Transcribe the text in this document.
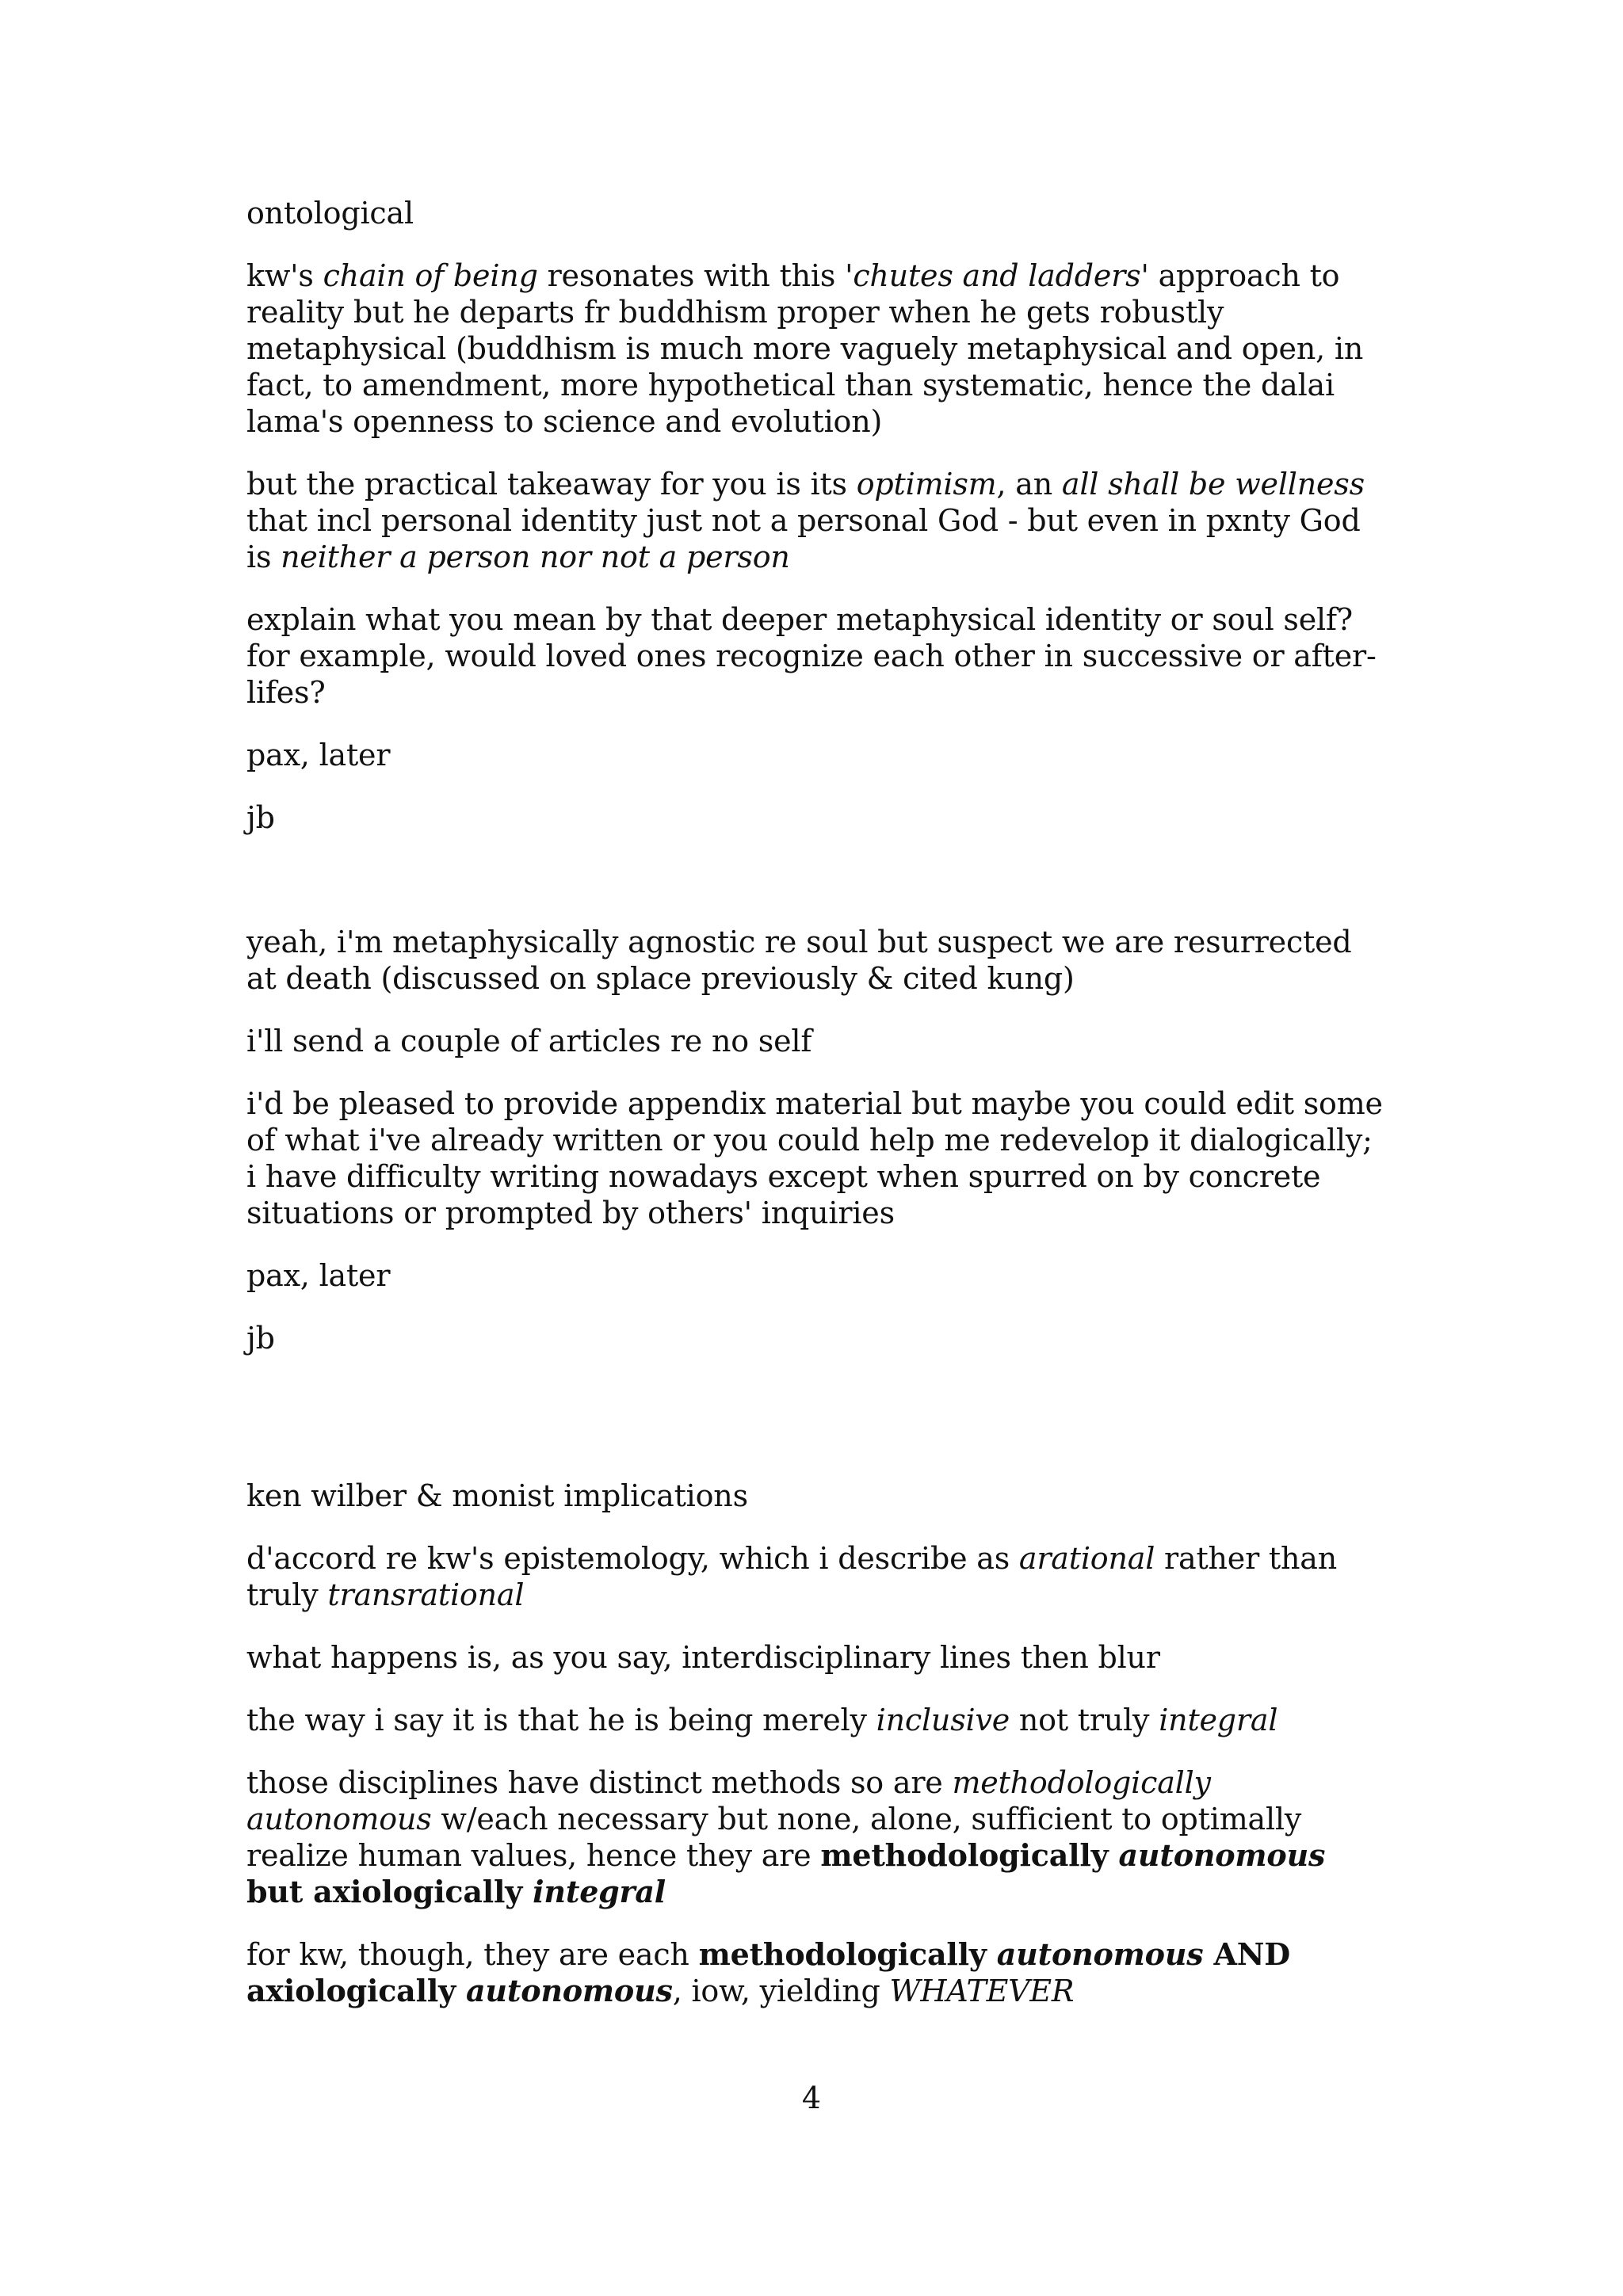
ontological

kw's chain of being resonates with this 'chutes and ladders' approach to reality but he departs fr buddhism proper when he gets robustly metaphysical (buddhism is much more vaguely metaphysical and open, in fact, to amendment, more hypothetical than systematic, hence the dalai lama's openness to science and evolution)

but the practical takeaway for you is its optimism, an all shall be wellness that incl personal identity just not a personal God - but even in pxnty God is neither a person nor not a person

explain what you mean by that deeper metaphysical identity or soul self? for example, would loved ones recognize each other in successive or after-lifes?

pax, later

jb

yeah, i'm metaphysically agnostic re soul but suspect we are resurrected at death (discussed on splace previously & cited kung)

i'll send a couple of articles re no self

i'd be pleased to provide appendix material but maybe you could edit some of what i've already written or you could help me redevelop it dialogically; i have difficulty writing nowadays except when spurred on by concrete situations or prompted by others' inquiries

pax, later

jb

ken wilber & monist implications

d'accord re kw's epistemology, which i describe as arational rather than truly transrational

what happens is, as you say, interdisciplinary lines then blur

the way i say it is that he is being merely inclusive not truly integral

those disciplines have distinct methods so are methodologically autonomous w/each necessary but none, alone, sufficient to optimally realize human values, hence they are methodologically autonomous but axiologically integral

for kw, though, they are each methodologically autonomous AND axiologically autonomous, iow, yielding WHATEVER

4
